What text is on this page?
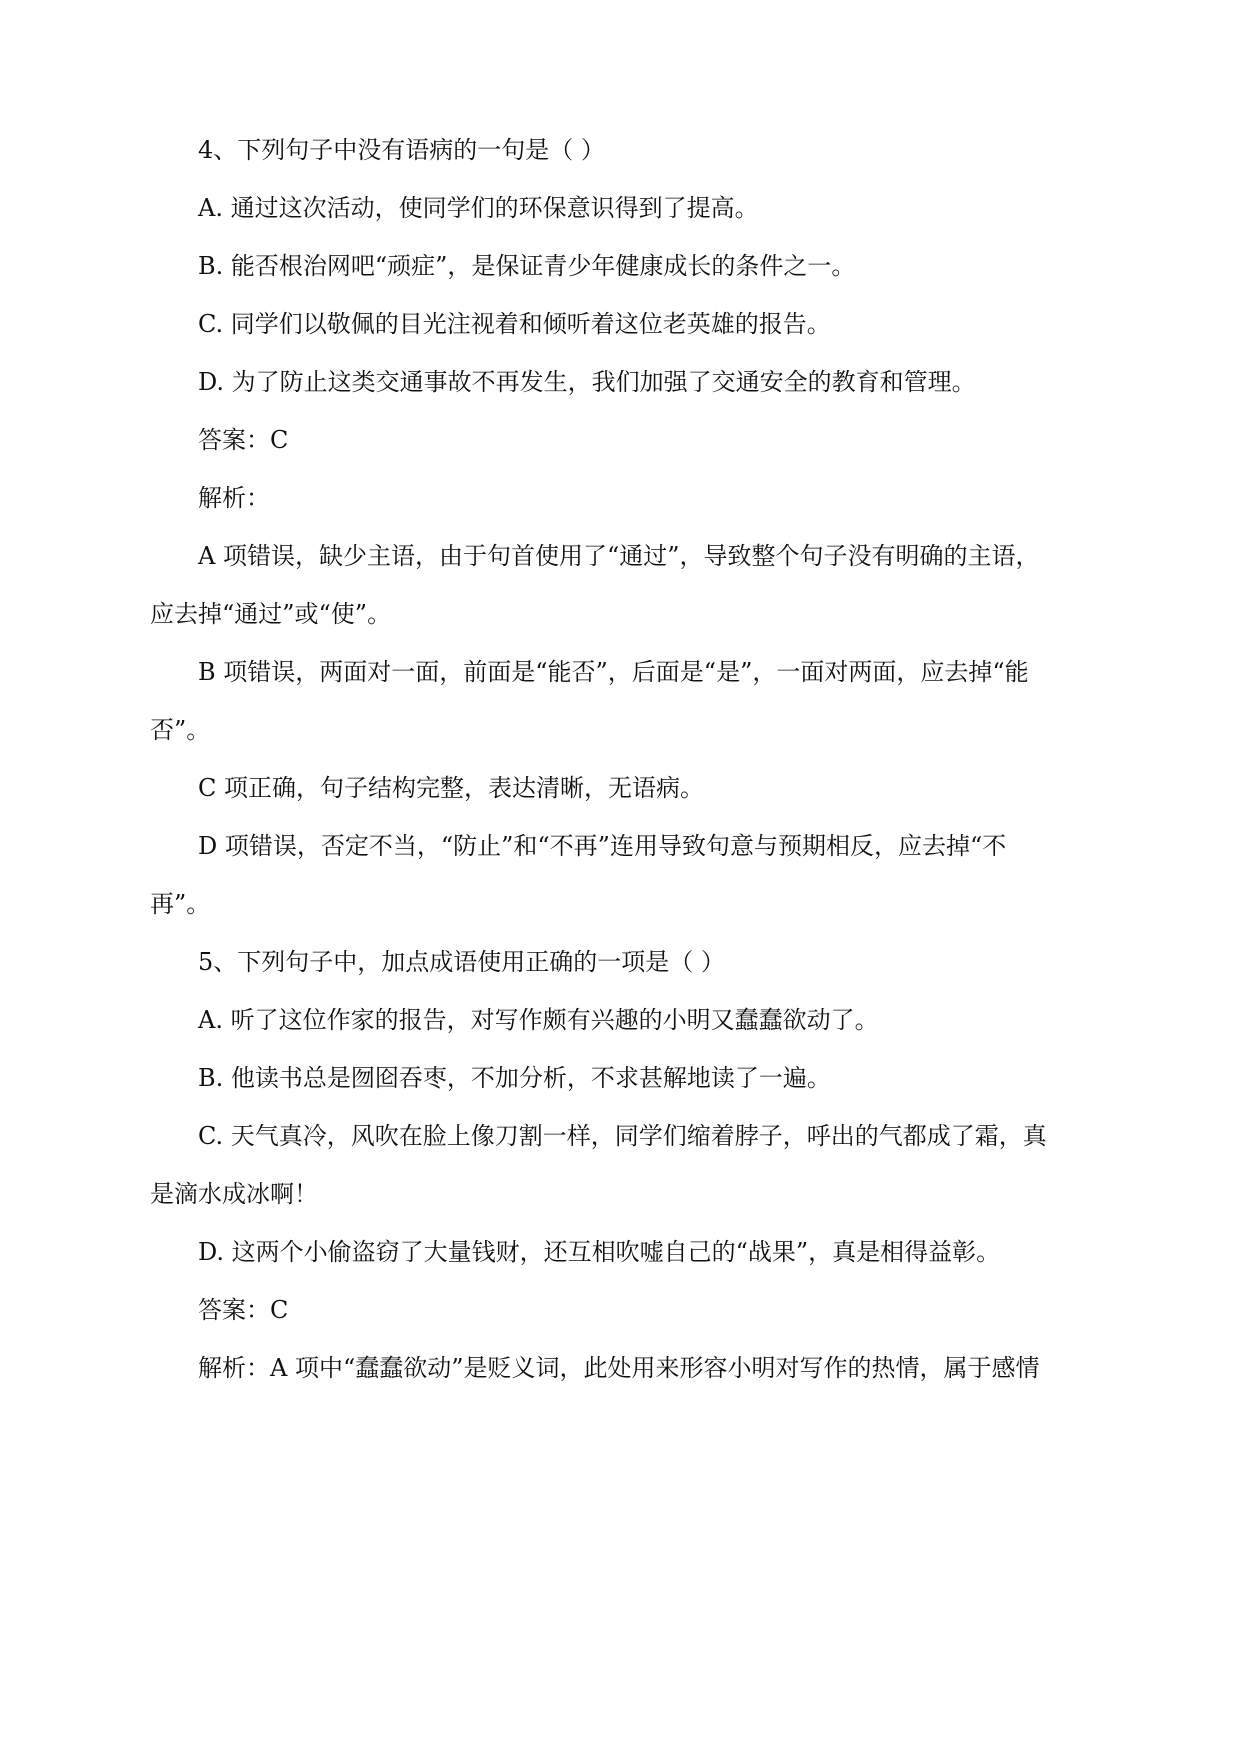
4、下列句子中没有语病的一句是（ ）
A. 通过这次活动，使同学们的环保意识得到了提高。
B. 能否根治网吧“顽症”，是保证青少年健康成长的条件之一。
C. 同学们以敬佩的目光注视着和倾听着这位老英雄的报告。
D. 为了防止这类交通事故不再发生，我们加强了交通安全的教育和管理。
答案：C
解析：
A 项错误，缺少主语，由于句首使用了“通过”，导致整个句子没有明确的主语，
应去掉“通过”或“使”。
B 项错误，两面对一面，前面是“能否”，后面是“是”，一面对两面，应去掉“能
否”。
C 项正确，句子结构完整，表达清晰，无语病。
D 项错误，否定不当，“防止”和“不再”连用导致句意与预期相反，应去掉“不
再”。
5、下列句子中，加点成语使用正确的一项是（ ）
A. 听了这位作家的报告，对写作颇有兴趣的小明又蠢蠢欲动了。
B. 他读书总是囫囵吞枣，不加分析，不求甚解地读了一遍。
C. 天气真冷，风吹在脸上像刀割一样，同学们缩着脖子，呼出的气都成了霜，真
是滴水成冰啊！
D. 这两个小偷盗窃了大量钱财，还互相吹嘘自己的“战果”，真是相得益彰。
答案：C
解析：A 项中“蠢蠢欲动”是贬义词，此处用来形容小明对写作的热情，属于感情
